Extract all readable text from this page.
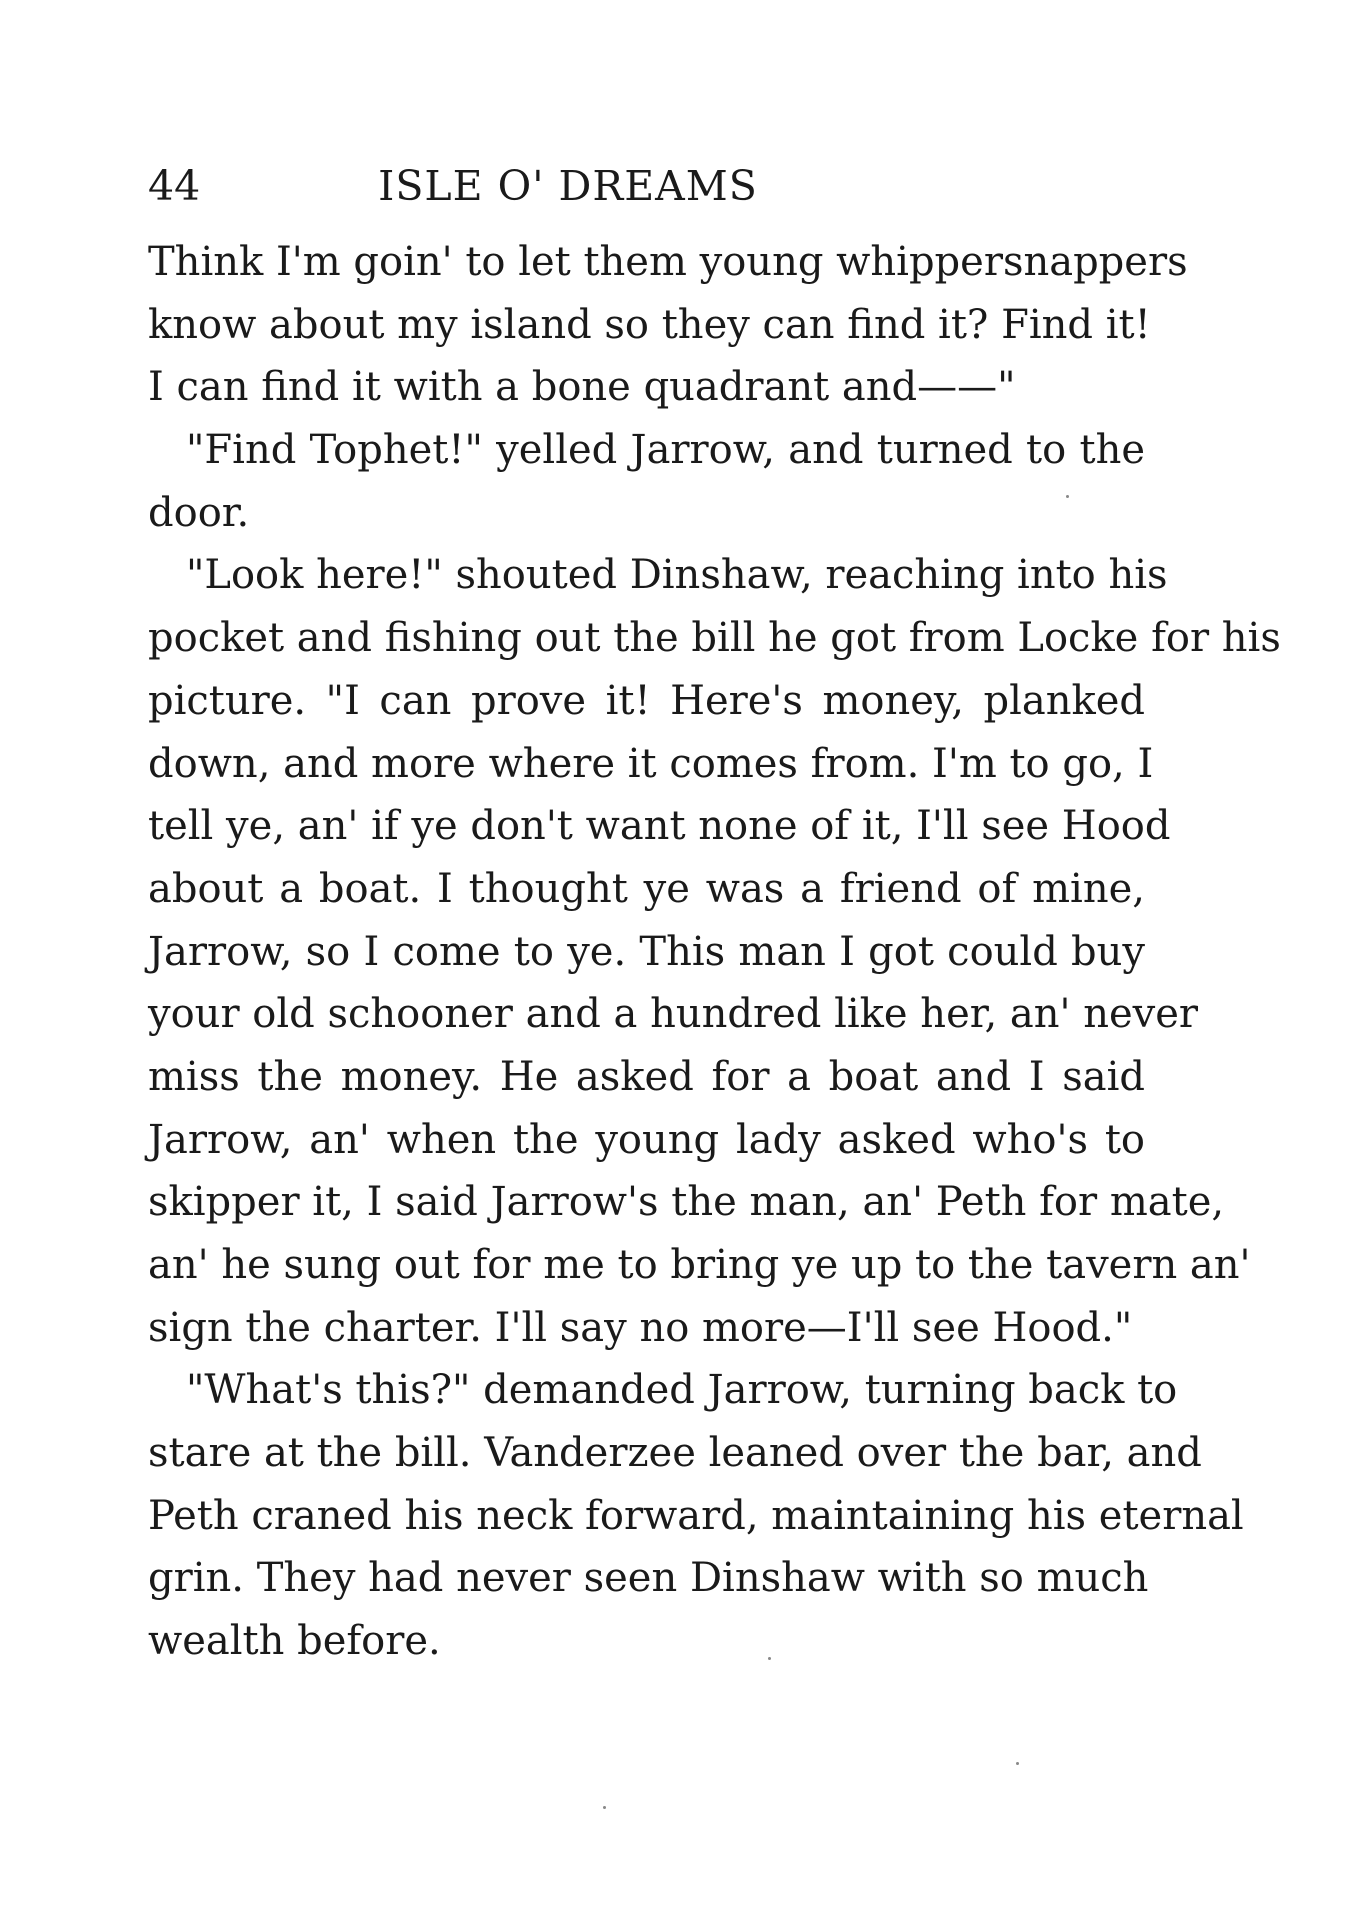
44	ISLE O' DREAMS
Think I'm goin' to let them young whippersnappers
know about my island so they can find it? Find it!
I can find it with a bone quadrant and——"
"Find Tophet!" yelled Jarrow, and turned to the
door.
"Look here!" shouted Dinshaw, reaching into his
pocket and fishing out the bill he got from Locke for his
picture. "I can prove it! Here's money, planked
down, and more where it comes from. I'm to go, I
tell ye, an' if ye don't want none of it, I'll see Hood
about a boat. I thought ye was a friend of mine,
Jarrow, so I come to ye. This man I got could buy
your old schooner and a hundred like her, an' never
miss the money. He asked for a boat and I said
Jarrow, an' when the young lady asked who's to
skipper it, I said Jarrow's the man, an' Peth for mate,
an' he sung out for me to bring ye up to the tavern an'
sign the charter. I'll say no more—I'll see Hood."
"What's this?" demanded Jarrow, turning back to
stare at the bill. Vanderzee leaned over the bar, and
Peth craned his neck forward, maintaining his eternal
grin. They had never seen Dinshaw with so much
wealth before.
